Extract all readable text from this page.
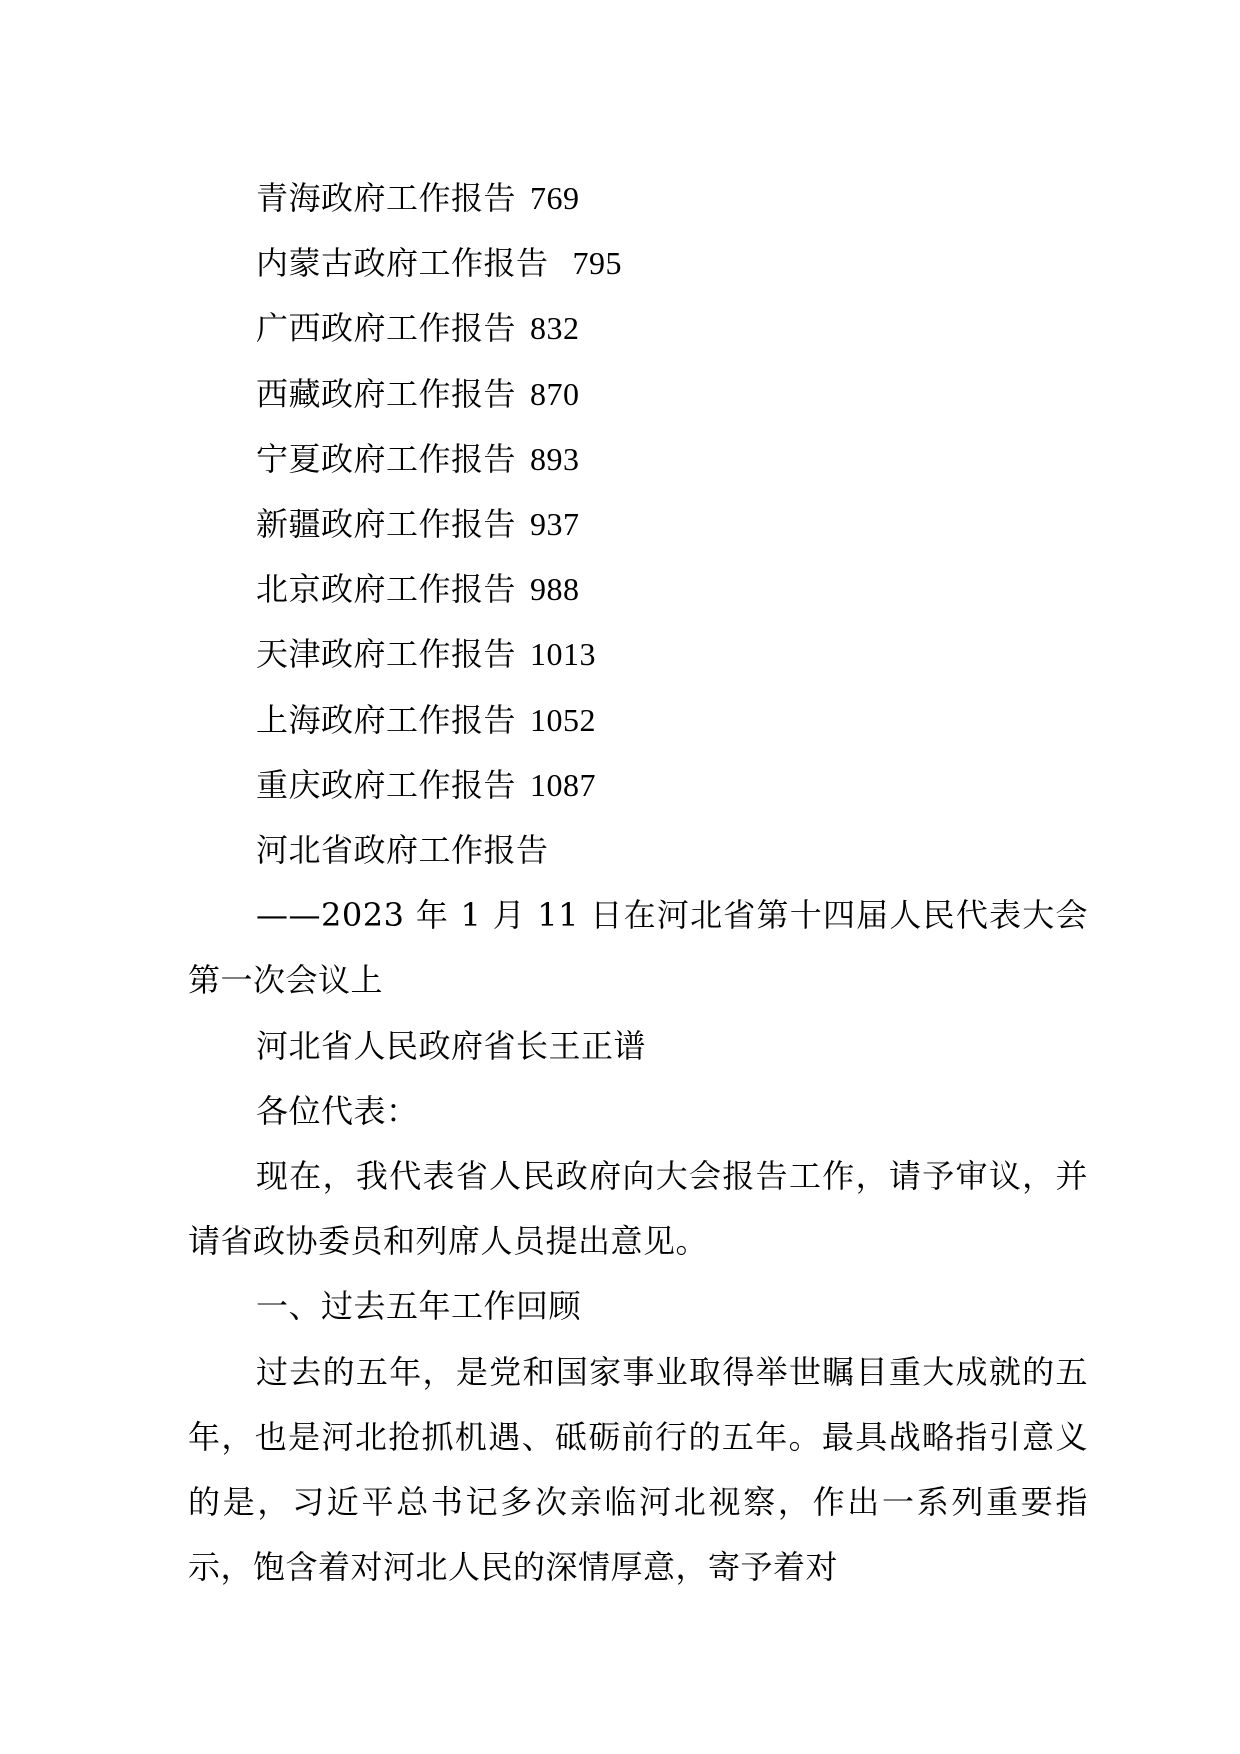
青海政府工作报告 769
内蒙古政府工作报告 795
广西政府工作报告 832
西藏政府工作报告 870
宁夏政府工作报告 893
新疆政府工作报告 937
北京政府工作报告 988
天津政府工作报告 1013
上海政府工作报告 1052
重庆政府工作报告 1087
河北省政府工作报告
——2023 年 1 月 11 日在河北省第十四届人民代表大会第一次会议上
河北省人民政府省长王正谱
各位代表：
现在，我代表省人民政府向大会报告工作，请予审议，并请省政协委员和列席人员提出意见。
一、过去五年工作回顾
过去的五年，是党和国家事业取得举世瞩目重大成就的五年，也是河北抢抓机遇、砥砺前行的五年。最具战略指引意义的是，习近平总书记多次亲临河北视察，作出一系列重要指示，饱含着对河北人民的深情厚意，寄予着对
